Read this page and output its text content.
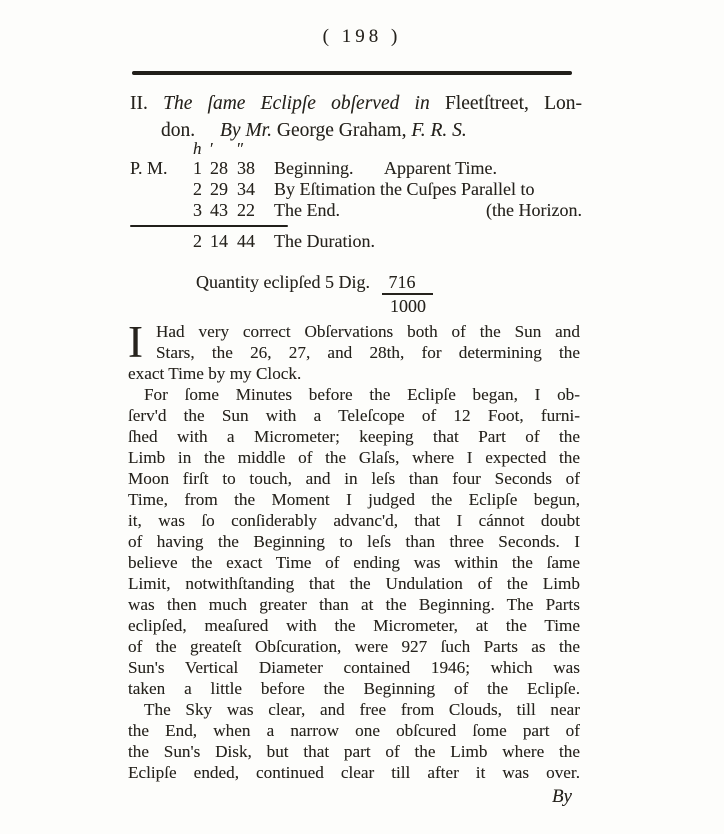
( 198 )
II. The ſame Eclipſe obſerved in Fleetſtreet, Lon-
don. By Mr. George Graham, F. R. S.
h ′	″
P. M.	1 28 38	Beginning. Apparent Time.
2 29 34	By Eſtimation the Cuſpes Parallel to
3 43 22	The End.	(the Horizon.
2 14 44	The Duration.
Quantity eclipſed 5 Dig. $\frac{716}{1000}$
I Had very correct Obſervations both of the Sun and
Stars, the 26, 27, and 28th, for determining the
exact Time by my Clock.
For ſome Minutes before the Eclipſe began, I ob-
ſerv'd the Sun with a Teleſcope of 12 Foot, furni-
ſhed with a Micrometer; keeping that Part of the
Limb in the middle of the Glaſs, where I expected the
Moon firſt to touch, and in leſs than four Seconds of
Time, from the Moment I judged the Eclipſe begun,
it, was ſo conſiderably advanc'd, that I cánnot doubt
of having the Beginning to leſs than three Seconds. I
believe the exact Time of ending was within the ſame
Limit, notwithſtanding that the Undulation of the Limb
was then much greater than at the Beginning. The Parts
eclipſed, meaſured with the Micrometer, at the Time
of the greateſt Obſcuration, were 927 ſuch Parts as the
Sun's Vertical Diameter contained 1946; which was
taken a little before the Beginning of the Eclipſe.
The Sky was clear, and free from Clouds, till near
the End, when a narrow one obſcured ſome part of
the Sun's Disk, but that part of the Limb where the
Eclipſe ended, continued clear till after it was over.
By
